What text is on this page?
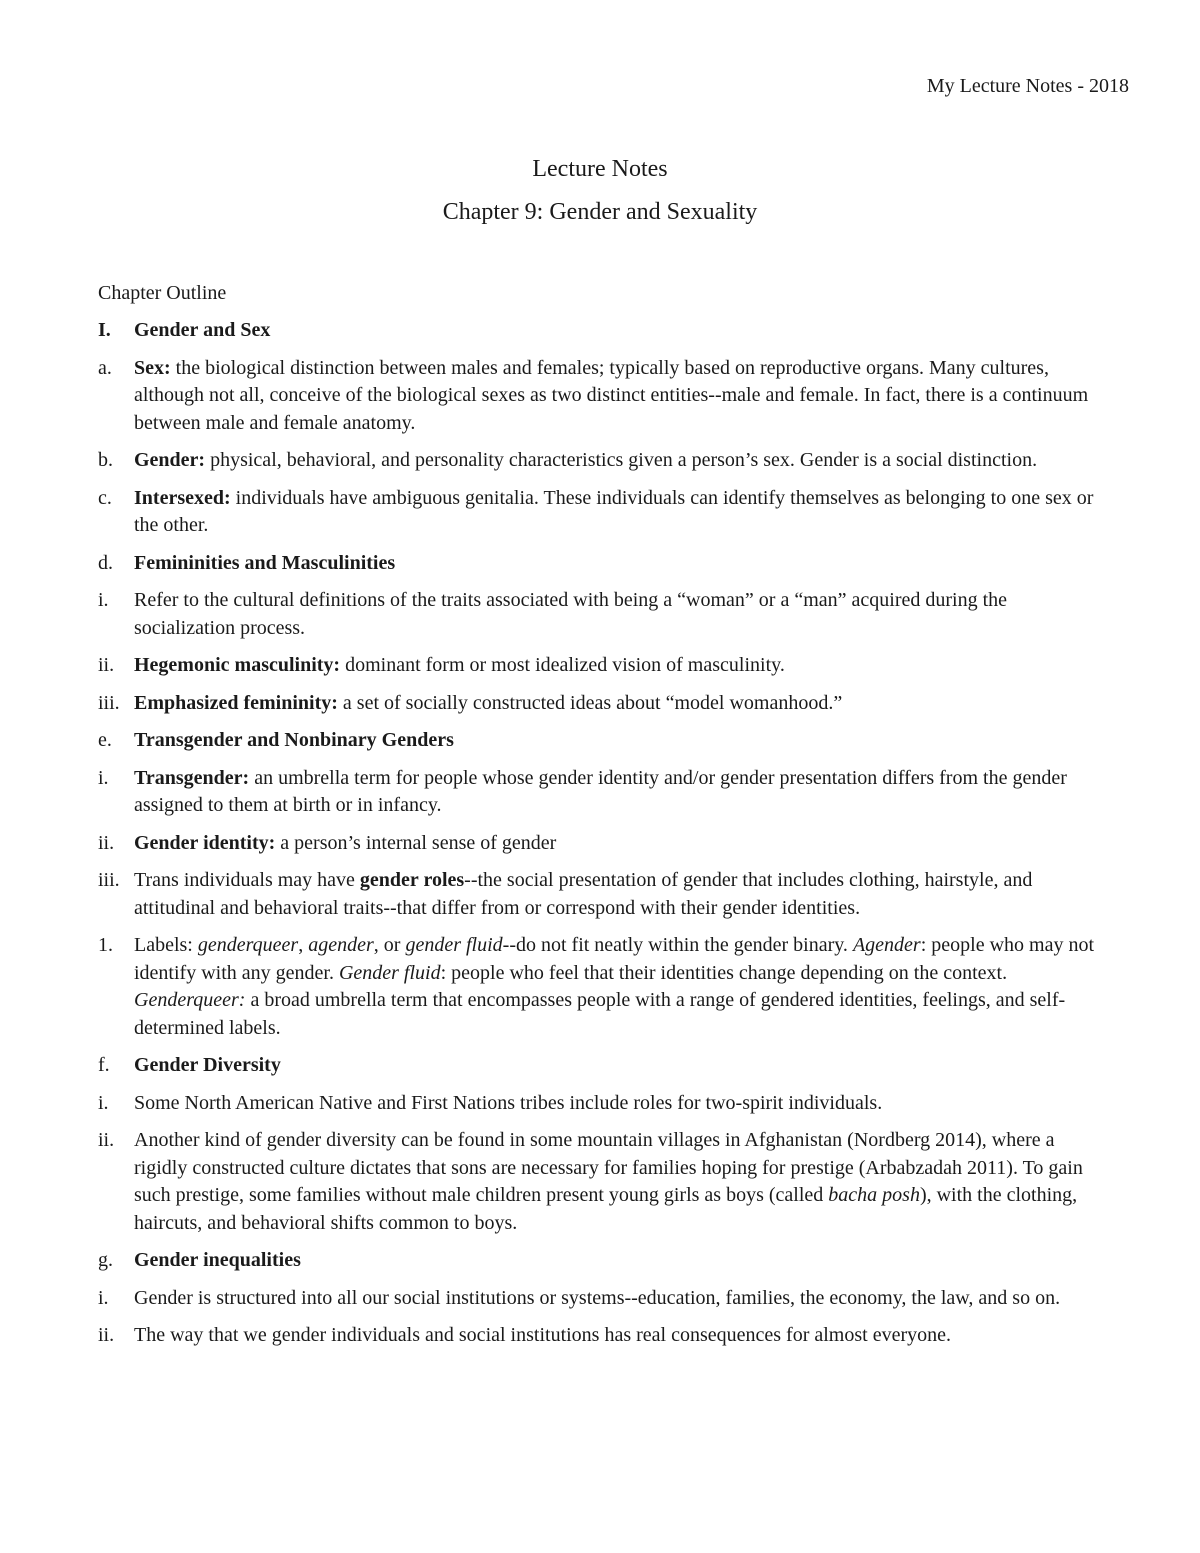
My Lecture Notes - 2018
Lecture Notes
Chapter 9: Gender and Sexuality
Chapter Outline
I.	Gender and Sex
a.	Sex: the biological distinction between males and females; typically based on reproductive organs. Many cultures, although not all, conceive of the biological sexes as two distinct entities--male and female. In fact, there is a continuum between male and female anatomy.
b.	Gender: physical, behavioral, and personality characteristics given a person’s sex. Gender is a social distinction.
c.	Intersexed: individuals have ambiguous genitalia. These individuals can identify themselves as belonging to one sex or the other.
d.	Femininities and Masculinities
i.	Refer to the cultural definitions of the traits associated with being a “woman” or a “man” acquired during the socialization process.
ii. Hegemonic masculinity: dominant form or most idealized vision of masculinity.
iii. Emphasized femininity: a set of socially constructed ideas about “model womanhood.”
e.	Transgender and Nonbinary Genders
i.	Transgender: an umbrella term for people whose gender identity and/or gender presentation differs from the gender assigned to them at birth or in infancy.
ii. Gender identity: a person’s internal sense of gender
iii. Trans individuals may have gender roles--the social presentation of gender that includes clothing, hairstyle, and attitudinal and behavioral traits--that differ from or correspond with their gender identities.
1.	Labels: genderqueer, agender, or gender fluid--do not fit neatly within the gender binary. Agender: people who may not identify with any gender. Gender fluid: people who feel that their identities change depending on the context. Genderqueer: a broad umbrella term that encompasses people with a range of gendered identities, feelings, and self-determined labels.
f.	Gender Diversity
i.	Some North American Native and First Nations tribes include roles for two-spirit individuals.
ii. Another kind of gender diversity can be found in some mountain villages in Afghanistan (Nordberg 2014), where a rigidly constructed culture dictates that sons are necessary for families hoping for prestige (Arbabzadah 2011). To gain such prestige, some families without male children present young girls as boys (called bacha posh), with the clothing, haircuts, and behavioral shifts common to boys.
g.	Gender inequalities
i.	Gender is structured into all our social institutions or systems--education, families, the economy, the law, and so on.
ii. The way that we gender individuals and social institutions has real consequences for almost everyone.
